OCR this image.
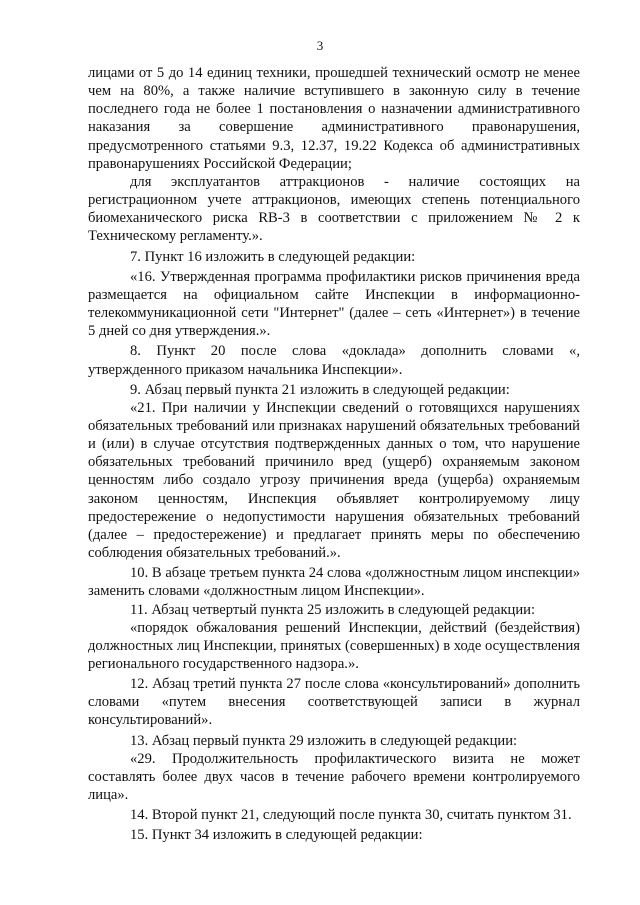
3

лицами от 5 до 14 единиц техники, прошедшей технический осмотр не менее чем на 80%, а также наличие вступившего в законную силу в течение последнего года не более 1 постановления о назначении административного наказания за совершение административного правонарушения, предусмотренного статьями 9.3, 12.37, 19.22 Кодекса об административных правонарушениях Российской Федерации;

для эксплуатантов аттракционов - наличие состоящих на регистрационном учете аттракционов, имеющих степень потенциального биомеханического риска RB-3 в соответствии с приложением № 2 к Техническому регламенту.».

7. Пункт 16 изложить в следующей редакции:

«16. Утвержденная программа профилактики рисков причинения вреда размещается на официальном сайте Инспекции в информационно-телекоммуникационной сети "Интернет" (далее – сеть «Интернет») в течение 5 дней со дня утверждения.».

8. Пункт 20 после слова «доклада» дополнить словами «, утвержденного приказом начальника Инспекции».

9. Абзац первый пункта 21 изложить в следующей редакции:

«21. При наличии у Инспекции сведений о готовящихся нарушениях обязательных требований или признаках нарушений обязательных требований и (или) в случае отсутствия подтвержденных данных о том, что нарушение обязательных требований причинило вред (ущерб) охраняемым законом ценностям либо создало угрозу причинения вреда (ущерба) охраняемым законом ценностям, Инспекция объявляет контролируемому лицу предостережение о недопустимости нарушения обязательных требований (далее – предостережение) и предлагает принять меры по обеспечению соблюдения обязательных требований.».

10. В абзаце третьем пункта 24 слова «должностным лицом инспекции» заменить словами «должностным лицом Инспекции».

11. Абзац четвертый пункта 25 изложить в следующей редакции:

«порядок обжалования решений Инспекции, действий (бездействия) должностных лиц Инспекции, принятых (совершенных) в ходе осуществления регионального государственного надзора.».

12. Абзац третий пункта 27 после слова «консультирований» дополнить словами «путем внесения соответствующей записи в журнал консультирований».

13. Абзац первый пункта 29 изложить в следующей редакции:

«29. Продолжительность профилактического визита не может составлять более двух часов в течение рабочего времени контролируемого лица».

14. Второй пункт 21, следующий после пункта 30, считать пунктом 31.

15. Пункт 34 изложить в следующей редакции:
